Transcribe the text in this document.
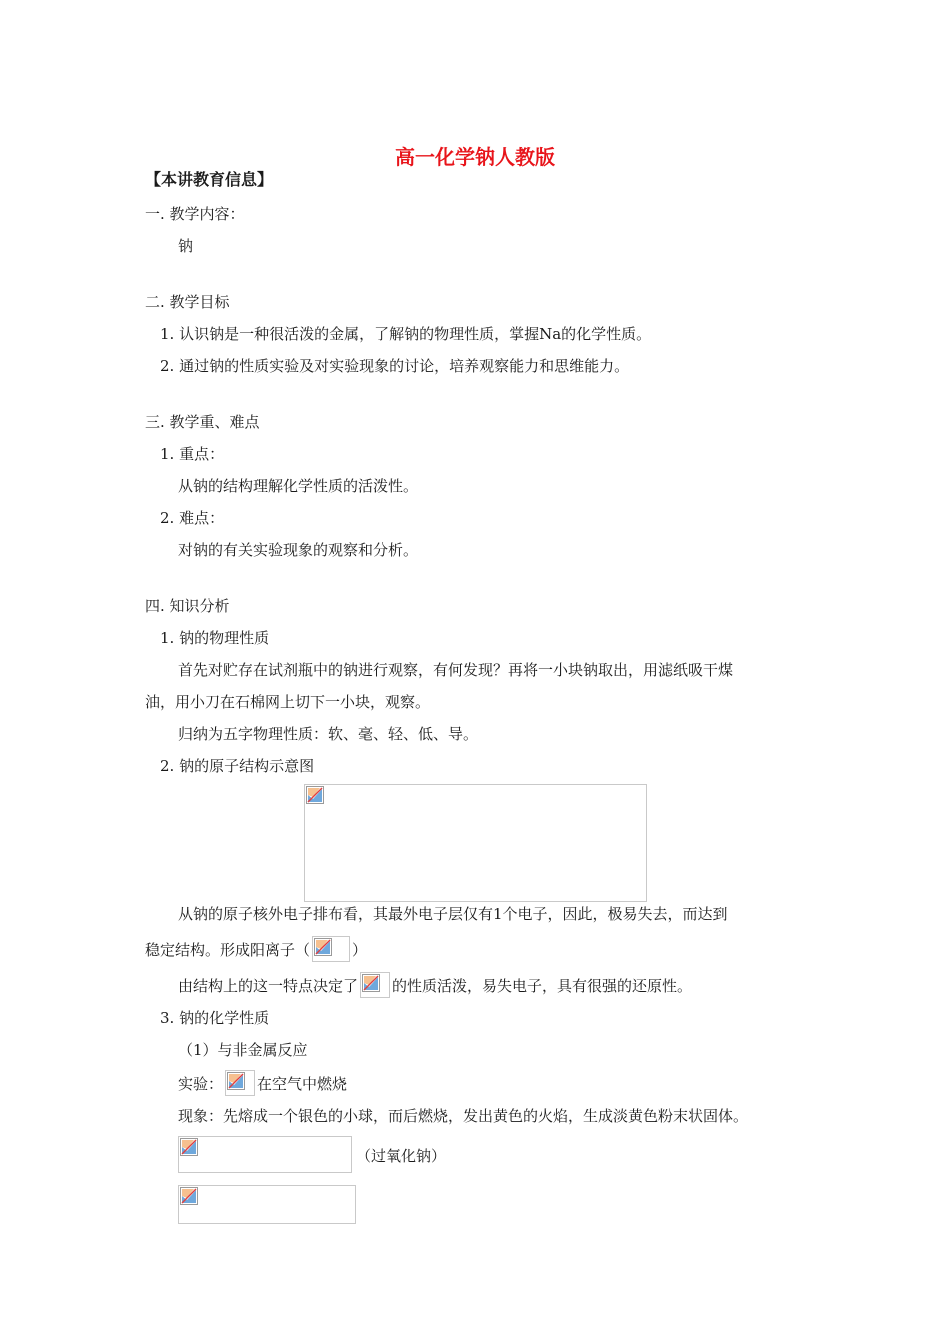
高一化学钠人教版
【本讲教育信息】
一. 教学内容：
钠
二. 教学目标
1. 认识钠是一种很活泼的金属，了解钠的物理性质，掌握Na的化学性质。
2. 通过钠的性质实验及对实验现象的讨论，培养观察能力和思维能力。
三. 教学重、难点
1. 重点：
从钠的结构理解化学性质的活泼性。
2. 难点：
对钠的有关实验现象的观察和分析。
四. 知识分析
1. 钠的物理性质
首先对贮存在试剂瓶中的钠进行观察，有何发现？再将一小块钠取出，用滤纸吸干煤
油，用小刀在石棉网上切下一小块，观察。
归纳为五字物理性质：软、毫、轻、低、导。
2. 钠的原子结构示意图
从钠的原子核外电子排布看，其最外电子层仅有1个电子，因此，极易失去，而达到
稳定结构。形成阳离子（	）
由结构上的这一特点决定了 的性质活泼，易失电子，具有很强的还原性。
3. 钠的化学性质
（1）与非金属反应
实验： 在空气中燃烧
现象：先熔成一个银色的小球，而后燃烧，发出黄色的火焰，生成淡黄色粉末状固体。
（过氧化钠）
